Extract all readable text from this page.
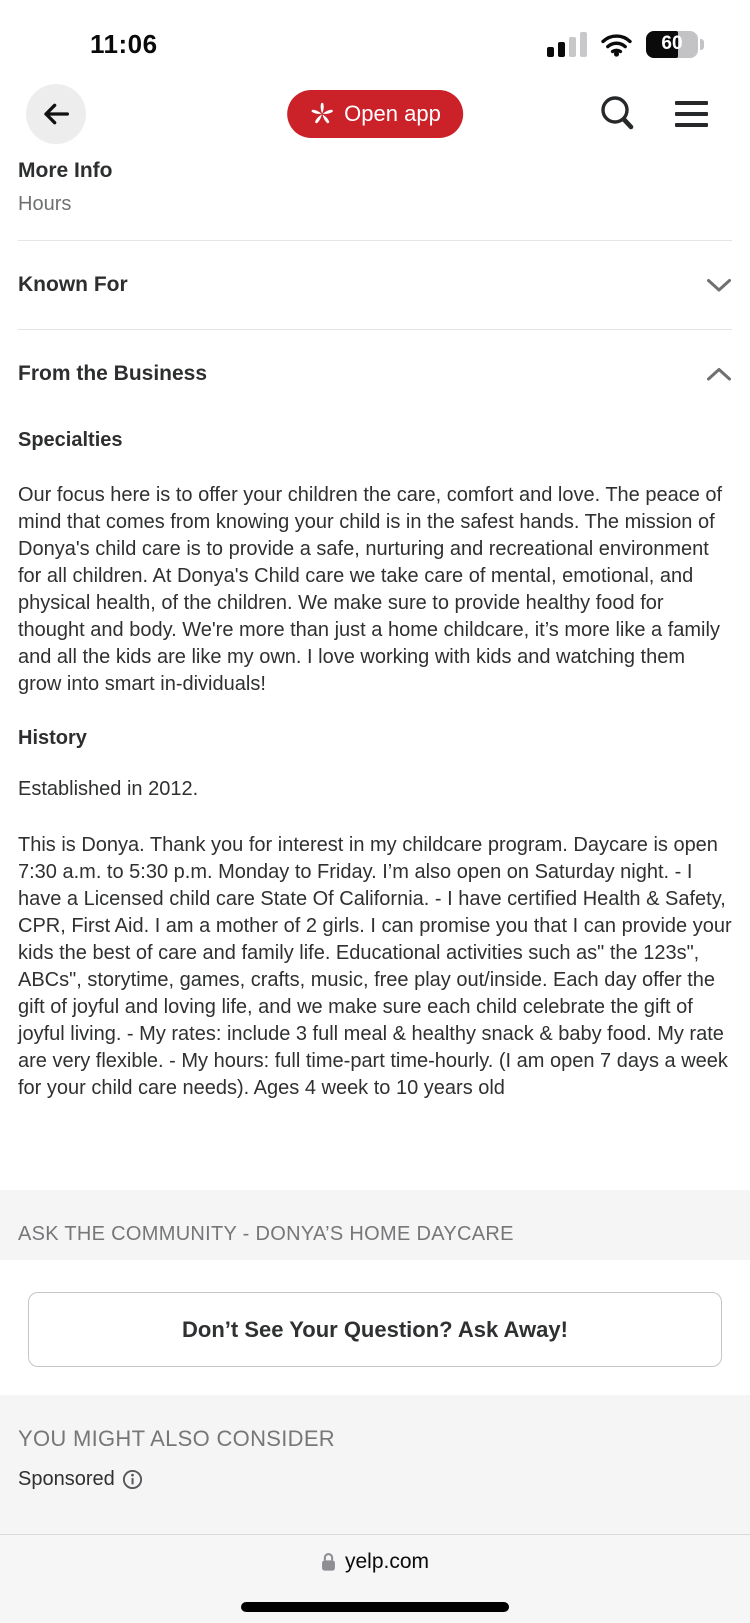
11:06	60
Open app
More Info
Hours
Known For
From the Business
Specialties

Our focus here is to offer your children the care, comfort and love. The peace of mind that comes from knowing your child is in the safest hands. The mission of Donya's child care is to provide a safe, nurturing and recreational environment for all children. At Donya's Child care we take care of mental, emotional, and physical health, of the children. We make sure to provide healthy food for thought and body. We're more than just a home childcare, it’s more like a family and all the kids are like my own. I love working with kids and watching them grow into smart in-dividuals!

History

Established in 2012.

This is Donya. Thank you for interest in my childcare program. Daycare is open 7:30 a.m. to 5:30 p.m. Monday to Friday. I’m also open on Saturday night. - I have a Licensed child care State Of California. - I have certified Health & Safety, CPR, First Aid. I am a mother of 2 girls. I can promise you that I can provide your kids the best of care and family life. Educational activities such as" the 123s", ABCs", storytime, games, crafts, music, free play out/inside. Each day offer the gift of joyful and loving life, and we make sure each child celebrate the gift of joyful living. - My rates: include 3 full meal & healthy snack & baby food. My rate are very flexible. - My hours: full time-part time-hourly. (I am open 7 days a week for your child care needs). Ages 4 week to 10 years old

ASK THE COMMUNITY - DONYA’S HOME DAYCARE
Don’t See Your Question? Ask Away!
YOU MIGHT ALSO CONSIDER
Sponsored
yelp.com
